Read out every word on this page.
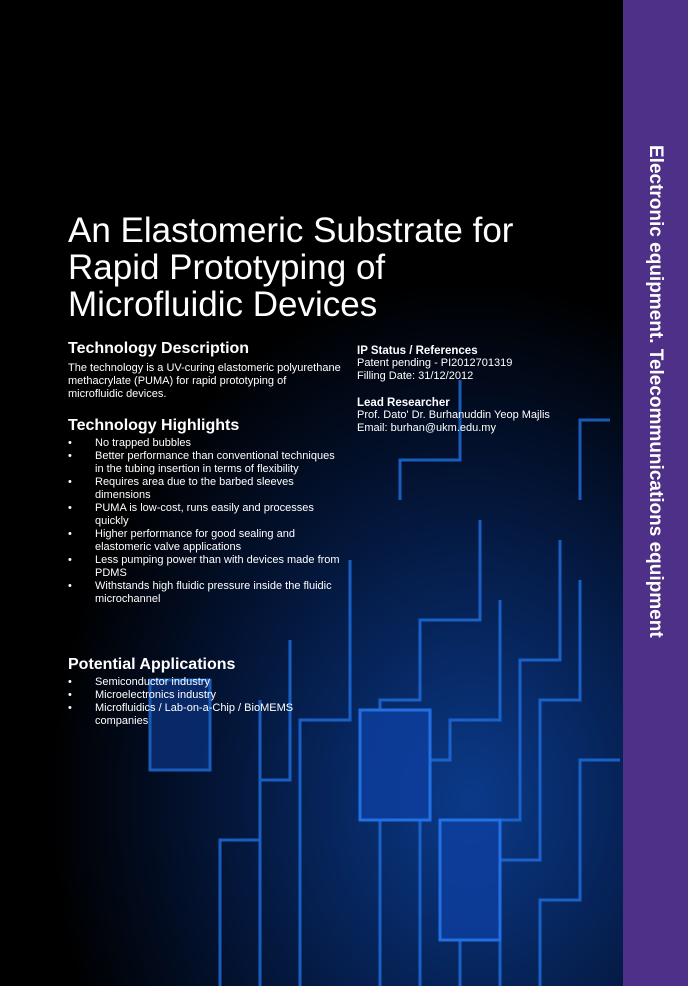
Electronic equipment. Telecommunications equipment
An Elastomeric Substrate for Rapid Prototyping of Microfluidic Devices
Technology Description

The technology is a UV-curing elastomeric polyurethane methacrylate (PUMA) for rapid prototyping of microfluidic devices.

Technology Highlights
• No trapped bubbles
• Better performance than conventional techniques in the tubing insertion in terms of flexibility
• Requires area due to the barbed sleeves dimensions
• PUMA is low-cost, runs easily and processes quickly
• Higher performance for good sealing and elastomeric valve applications
• Less pumping power than with devices made from PDMS
• Withstands high fluidic pressure inside the fluidic microchannel
Potential Applications
• Semiconductor industry
• Microelectronics industry
• Microfluidics / Lab-on-a-Chip / BioMEMS companies
IP Status / References

Patent pending - PI2012701319

Filling Date: 31/12/2012

Lead Researcher

Prof. Dato' Dr. Burhanuddin Yeop Majlis

Email: burhan@ukm.edu.my
